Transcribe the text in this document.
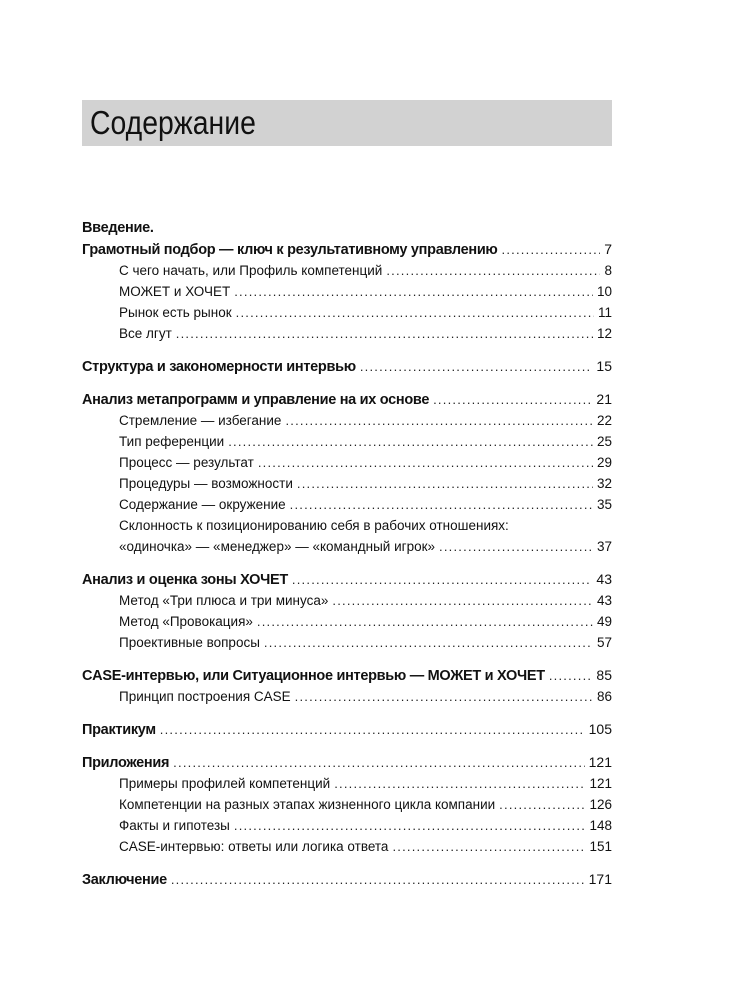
Содержание
Введение.
Грамотный подбор — ключ к результативному управлению . . .	7
С чего начать, или Профиль компетенций . . .	8
МОЖЕТ и ХОЧЕТ . . .	10
Рынок есть рынок . . .	11
Все лгут . . .	12
Структура и закономерности интервью . . .	15
Анализ метапрограмм и управление на их основе . . .	21
Стремление — избегание . . .	22
Тип референции . . .	25
Процесс — результат . . .	29
Процедуры — возможности . . .	32
Содержание — окружение . . .	35
Склонность к позиционированию себя в рабочих отношениях:
«одиночка» — «менеджер» — «командный игрок» . . .	37
Анализ и оценка зоны ХОЧЕТ . . .	43
Метод «Три плюса и три минуса» . . .	43
Метод «Провокация» . . .	49
Проективные вопросы . . .	57
CASE-интервью, или Ситуационное интервью — МОЖЕТ и ХОЧЕТ . . .	85
Принцип построения CASE . . .	86
Практикум . . .	105
Приложения . . .	121
Примеры профилей компетенций . . .	121
Компетенции на разных этапах жизненного цикла компании . . .	126
Факты и гипотезы . . .	148
CASE-интервью: ответы или логика ответа . . .	151
Заключение . . .	171
